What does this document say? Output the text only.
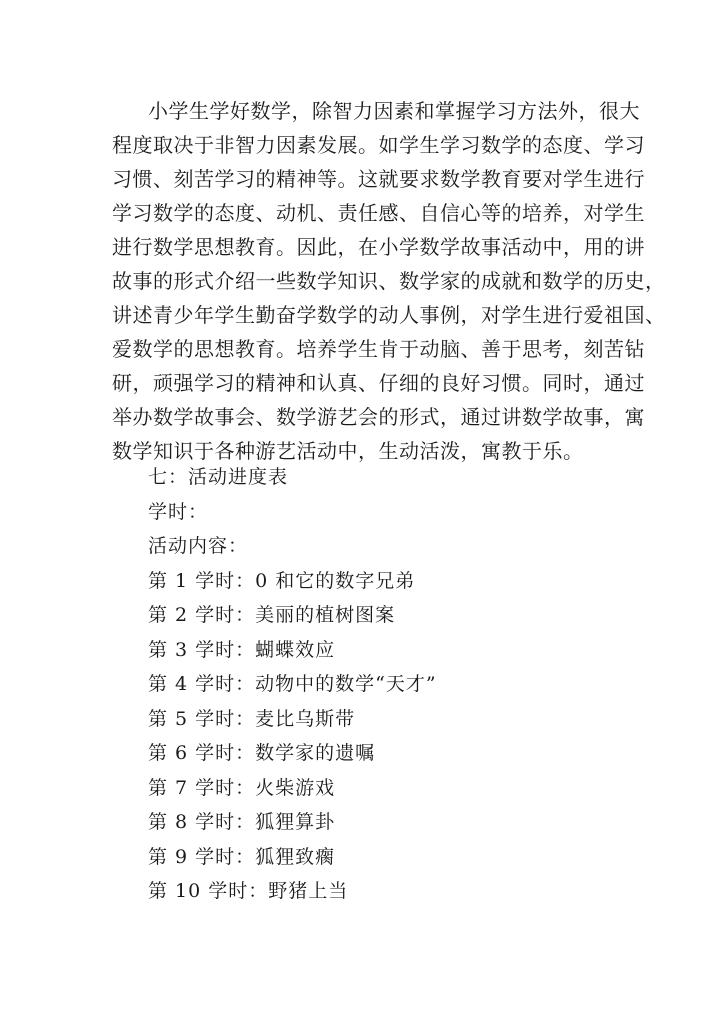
小学生学好数学，除智力因素和掌握学习方法外，很大
程度取决于非智力因素发展。如学生学习数学的态度、学习
习惯、刻苦学习的精神等。这就要求数学教育要对学生进行
学习数学的态度、动机、责任感、自信心等的培养，对学生
进行数学思想教育。因此，在小学数学故事活动中，用的讲
故事的形式介绍一些数学知识、数学家的成就和数学的历史，
讲述青少年学生勤奋学数学的动人事例，对学生进行爱祖国、
爱数学的思想教育。培养学生肯于动脑、善于思考，刻苦钻
研，顽强学习的精神和认真、仔细的良好习惯。同时，通过
举办数学故事会、数学游艺会的形式，通过讲数学故事，寓
数学知识于各种游艺活动中，生动活泼，寓教于乐。
七：活动进度表
学时：
活动内容：
第 1 学时：0 和它的数字兄弟
第 2 学时：美丽的植树图案
第 3 学时：蝴蝶效应
第 4 学时：动物中的数学“天才”
第 5 学时：麦比乌斯带
第 6 学时：数学家的遗嘱
第 7 学时：火柴游戏
第 8 学时：狐狸算卦
第 9 学时：狐狸致瘸
第 10 学时：野猪上当
